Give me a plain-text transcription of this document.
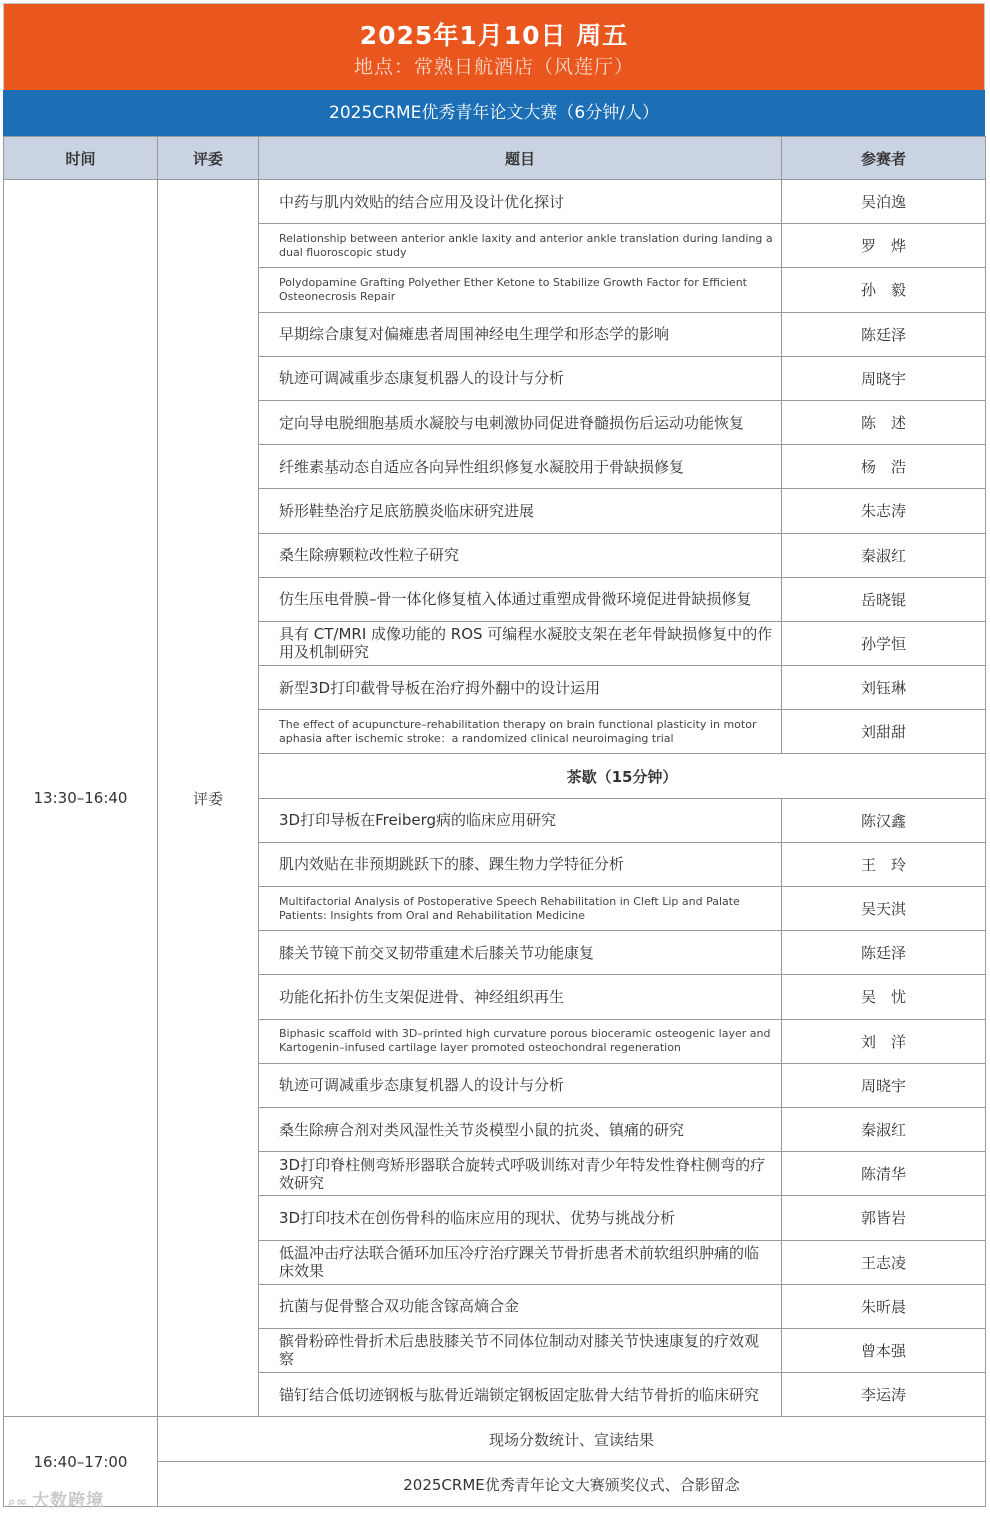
2025年1月10日 周五
地点：常熟日航酒店（风莲厅）
2025CRME优秀青年论文大赛（6分钟/人）
时间	评委	题目	参赛者
13:30–16:40	评委	中药与肌内效贴的结合应用及设计优化探讨	吴泊逸
		Relationship between anterior ankle laxity and anterior ankle translation during landing a dual fluoroscopic study	罗　烨
		Polydopamine Grafting Polyether Ether Ketone to Stabilize Growth Factor for Efficient Osteonecrosis Repair	孙　毅
		早期综合康复对偏瘫患者周围神经电生理学和形态学的影响	陈廷泽
		轨迹可调减重步态康复机器人的设计与分析	周晓宇
		定向导电脱细胞基质水凝胶与电刺激协同促进脊髓损伤后运动功能恢复	陈　述
		纤维素基动态自适应各向异性组织修复水凝胶用于骨缺损修复	杨　浩
		矫形鞋垫治疗足底筋膜炎临床研究进展	朱志涛
		桑生除痹颗粒改性粒子研究	秦淑红
		仿生压电骨膜–骨一体化修复植入体通过重塑成骨微环境促进骨缺损修复	岳晓锟
		具有 CT/MRI 成像功能的 ROS 可编程水凝胶支架在老年骨缺损修复中的作用及机制研究	孙学恒
		新型3D打印截骨导板在治疗拇外翻中的设计运用	刘钰琳
		The effect of acupuncture–rehabilitation therapy on brain functional plasticity in motor aphasia after ischemic stroke：a randomized clinical neuroimaging trial	刘甜甜
		茶歇（15分钟）	
		3D打印导板在Freiberg病的临床应用研究	陈汉鑫
		肌内效贴在非预期跳跃下的膝、踝生物力学特征分析	王　玲
		Multifactorial Analysis of Postoperative Speech Rehabilitation in Cleft Lip and Palate Patients: Insights from Oral and Rehabilitation Medicine	吴天淇
		膝关节镜下前交叉韧带重建术后膝关节功能康复	陈廷泽
		功能化拓扑仿生支架促进骨、神经组织再生	吴　忧
		Biphasic scaffold with 3D–printed high curvature porous bioceramic osteogenic layer and Kartogenin–infused cartilage layer promoted osteochondral regeneration	刘　洋
		轨迹可调减重步态康复机器人的设计与分析	周晓宇
		桑生除痹合剂对类风湿性关节炎模型小鼠的抗炎、镇痛的研究	秦淑红
		3D打印脊柱侧弯矫形器联合旋转式呼吸训练对青少年特发性脊柱侧弯的疗效研究	陈清华
		3D打印技术在创伤骨科的临床应用的现状、优势与挑战分析	郭皆岩
		低温冲击疗法联合循环加压冷疗治疗踝关节骨折患者术前软组织肿痛的临床效果	王志凌
		抗菌与促骨整合双功能含镓高熵合金	朱昕晨
		髌骨粉碎性骨折术后患肢膝关节不同体位制动对膝关节快速康复的疗效观察	曾本强
		锚钉结合低切迹钢板与肱骨近端锁定钢板固定肱骨大结节骨折的临床研究	李运涛
16:40–17:00	现场分数统计、宣读结果		
	2025CRME优秀青年论文大赛颁奖仪式、合影留念		
⌕∞ 大数跨境
